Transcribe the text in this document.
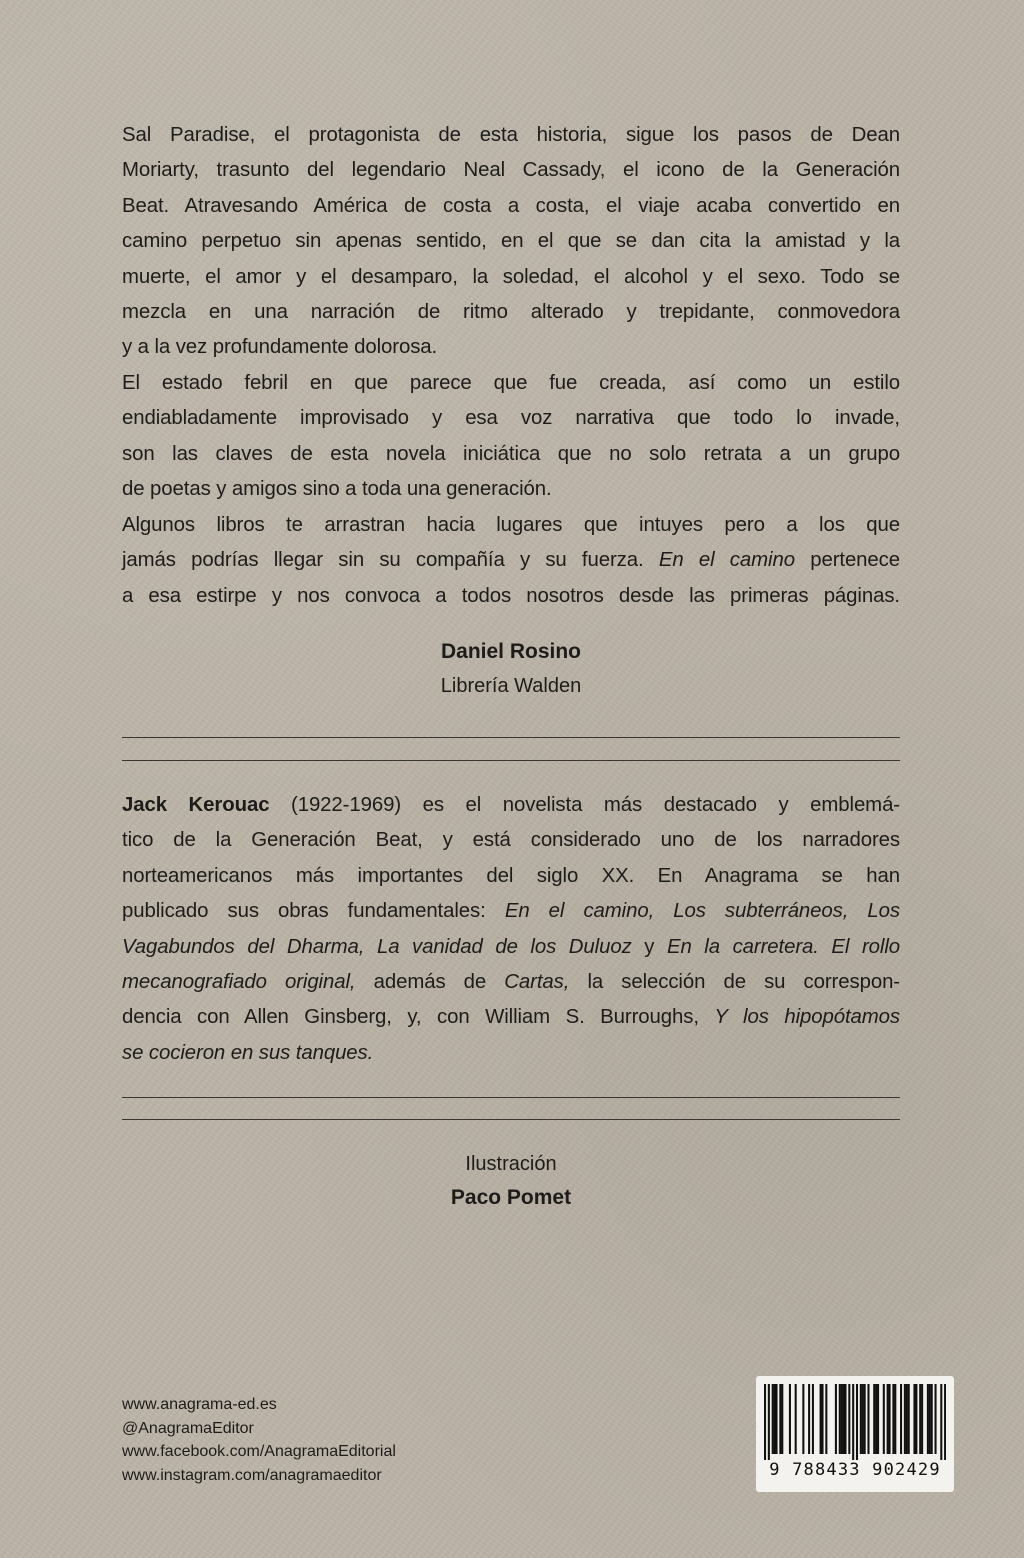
Sal Paradise, el protagonista de esta historia, sigue los pasos de Dean
Moriarty, trasunto del legendario Neal Cassady, el icono de la Generación
Beat. Atravesando América de costa a costa, el viaje acaba convertido en
camino perpetuo sin apenas sentido, en el que se dan cita la amistad y la
muerte, el amor y el desamparo, la soledad, el alcohol y el sexo. Todo se
mezcla en una narración de ritmo alterado y trepidante, conmovedora
y a la vez profundamente dolorosa.

El estado febril en que parece que fue creada, así como un estilo
endiabladamente improvisado y esa voz narrativa que todo lo invade,
son las claves de esta novela iniciática que no solo retrata a un grupo
de poetas y amigos sino a toda una generación.

Algunos libros te arrastran hacia lugares que intuyes pero a los que
jamás podrías llegar sin su compañía y su fuerza. En el camino pertenece
a esa estirpe y nos convoca a todos nosotros desde las primeras páginas.

Daniel Rosino
Librería Walden

Jack Kerouac (1922-1969) es el novelista más destacado y emblemá-
tico de la Generación Beat, y está considerado uno de los narradores
norteamericanos más importantes del siglo XX. En Anagrama se han
publicado sus obras fundamentales: En el camino, Los subterráneos, Los
Vagabundos del Dharma, La vanidad de los Duluoz y En la carretera. El rollo
mecanografiado original, además de Cartas, la selección de su correspon-
dencia con Allen Ginsberg, y, con William S. Burroughs, Y los hipopótamos
se cocieron en sus tanques.

Ilustración
Paco Pomet
www.anagrama-ed.es
@AnagramaEditor
www.facebook.com/AnagramaEditorial
www.instagram.com/anagramaeditor	9 788433 902429
